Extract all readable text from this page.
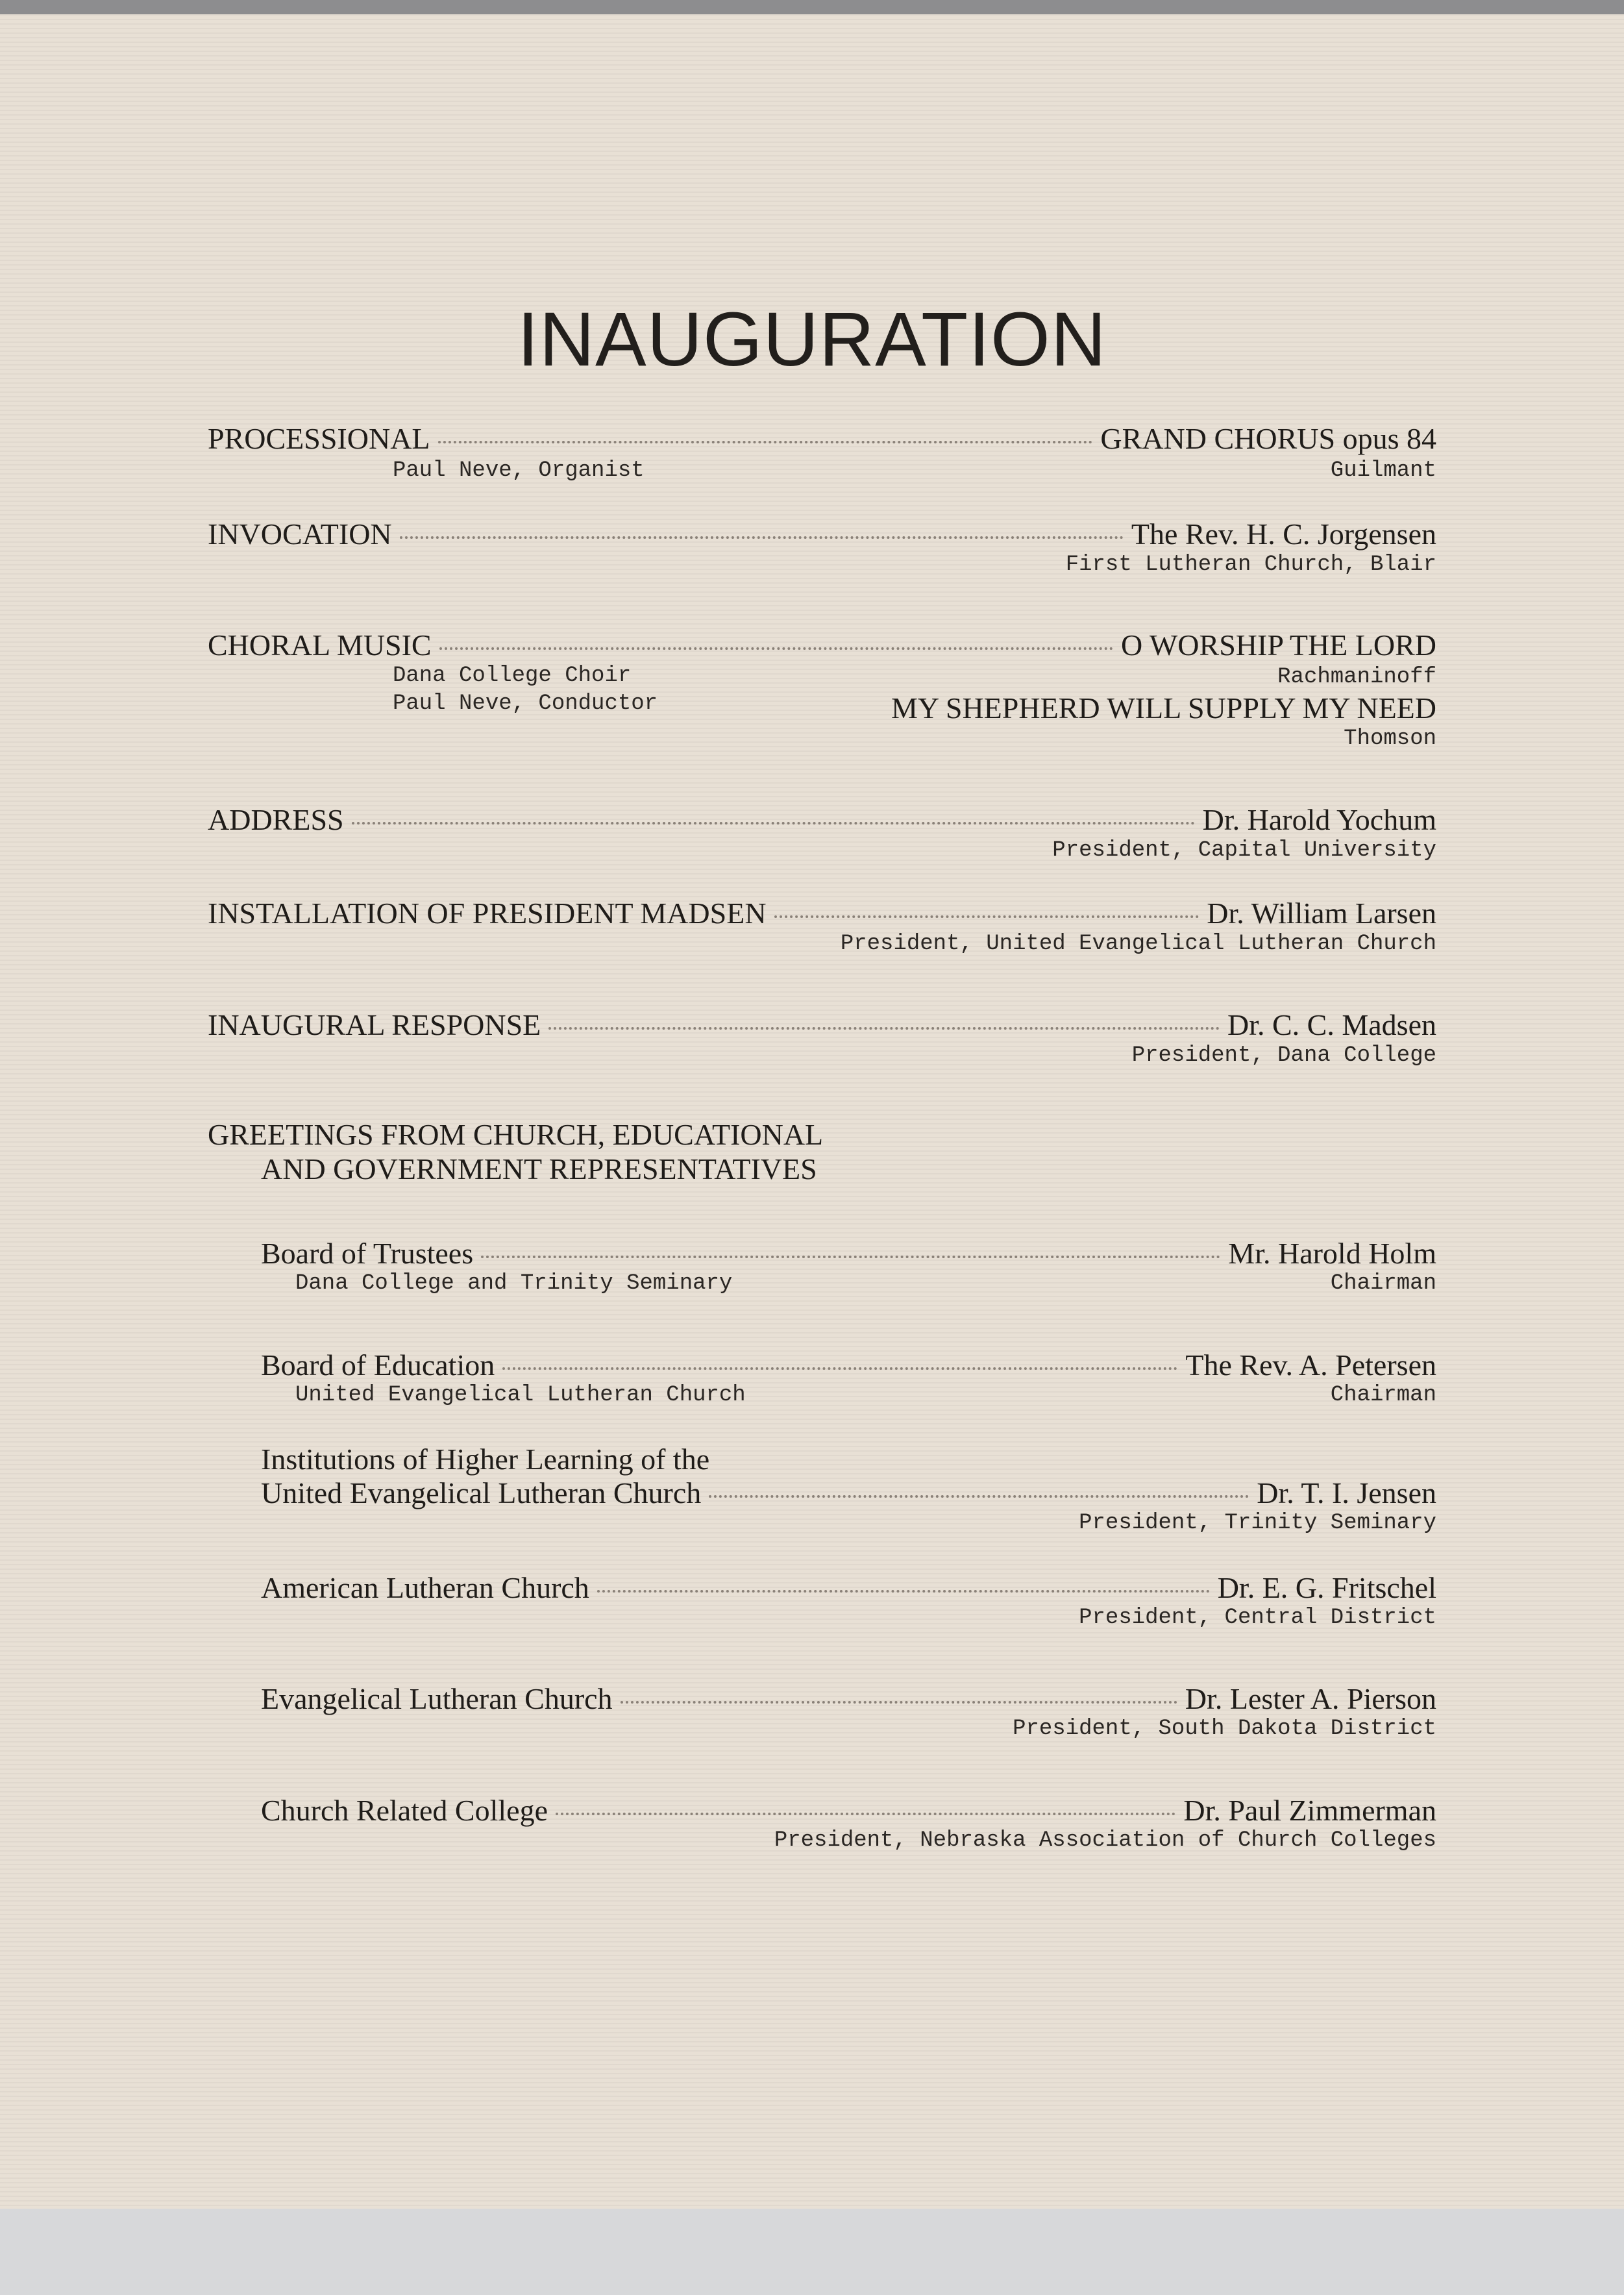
INAUGURATION
PROCESSIONAL	GRAND CHORUS opus 84
Paul Neve, Organist	Guilmant
INVOCATION	The Rev. H. C. Jorgensen
First Lutheran Church, Blair
CHORAL MUSIC	O WORSHIP THE LORD
Dana College Choir	Rachmaninoff
Paul Neve, Conductor	MY SHEPHERD WILL SUPPLY MY NEED
Thomson
ADDRESS	Dr. Harold Yochum
President, Capital University
INSTALLATION OF PRESIDENT MADSEN	Dr. William Larsen
President, United Evangelical Lutheran Church
INAUGURAL RESPONSE	Dr. C. C. Madsen
President, Dana College
GREETINGS FROM CHURCH, EDUCATIONAL
AND GOVERNMENT REPRESENTATIVES
Board of Trustees	Mr. Harold Holm
Dana College and Trinity Seminary	Chairman
Board of Education	The Rev. A. Petersen
United Evangelical Lutheran Church	Chairman
Institutions of Higher Learning of the
United Evangelical Lutheran Church	Dr. T. I. Jensen
President, Trinity Seminary
American Lutheran Church	Dr. E. G. Fritschel
President, Central District
Evangelical Lutheran Church	Dr. Lester A. Pierson
President, South Dakota District
Church Related College	Dr. Paul Zimmerman
President, Nebraska Association of Church Colleges
